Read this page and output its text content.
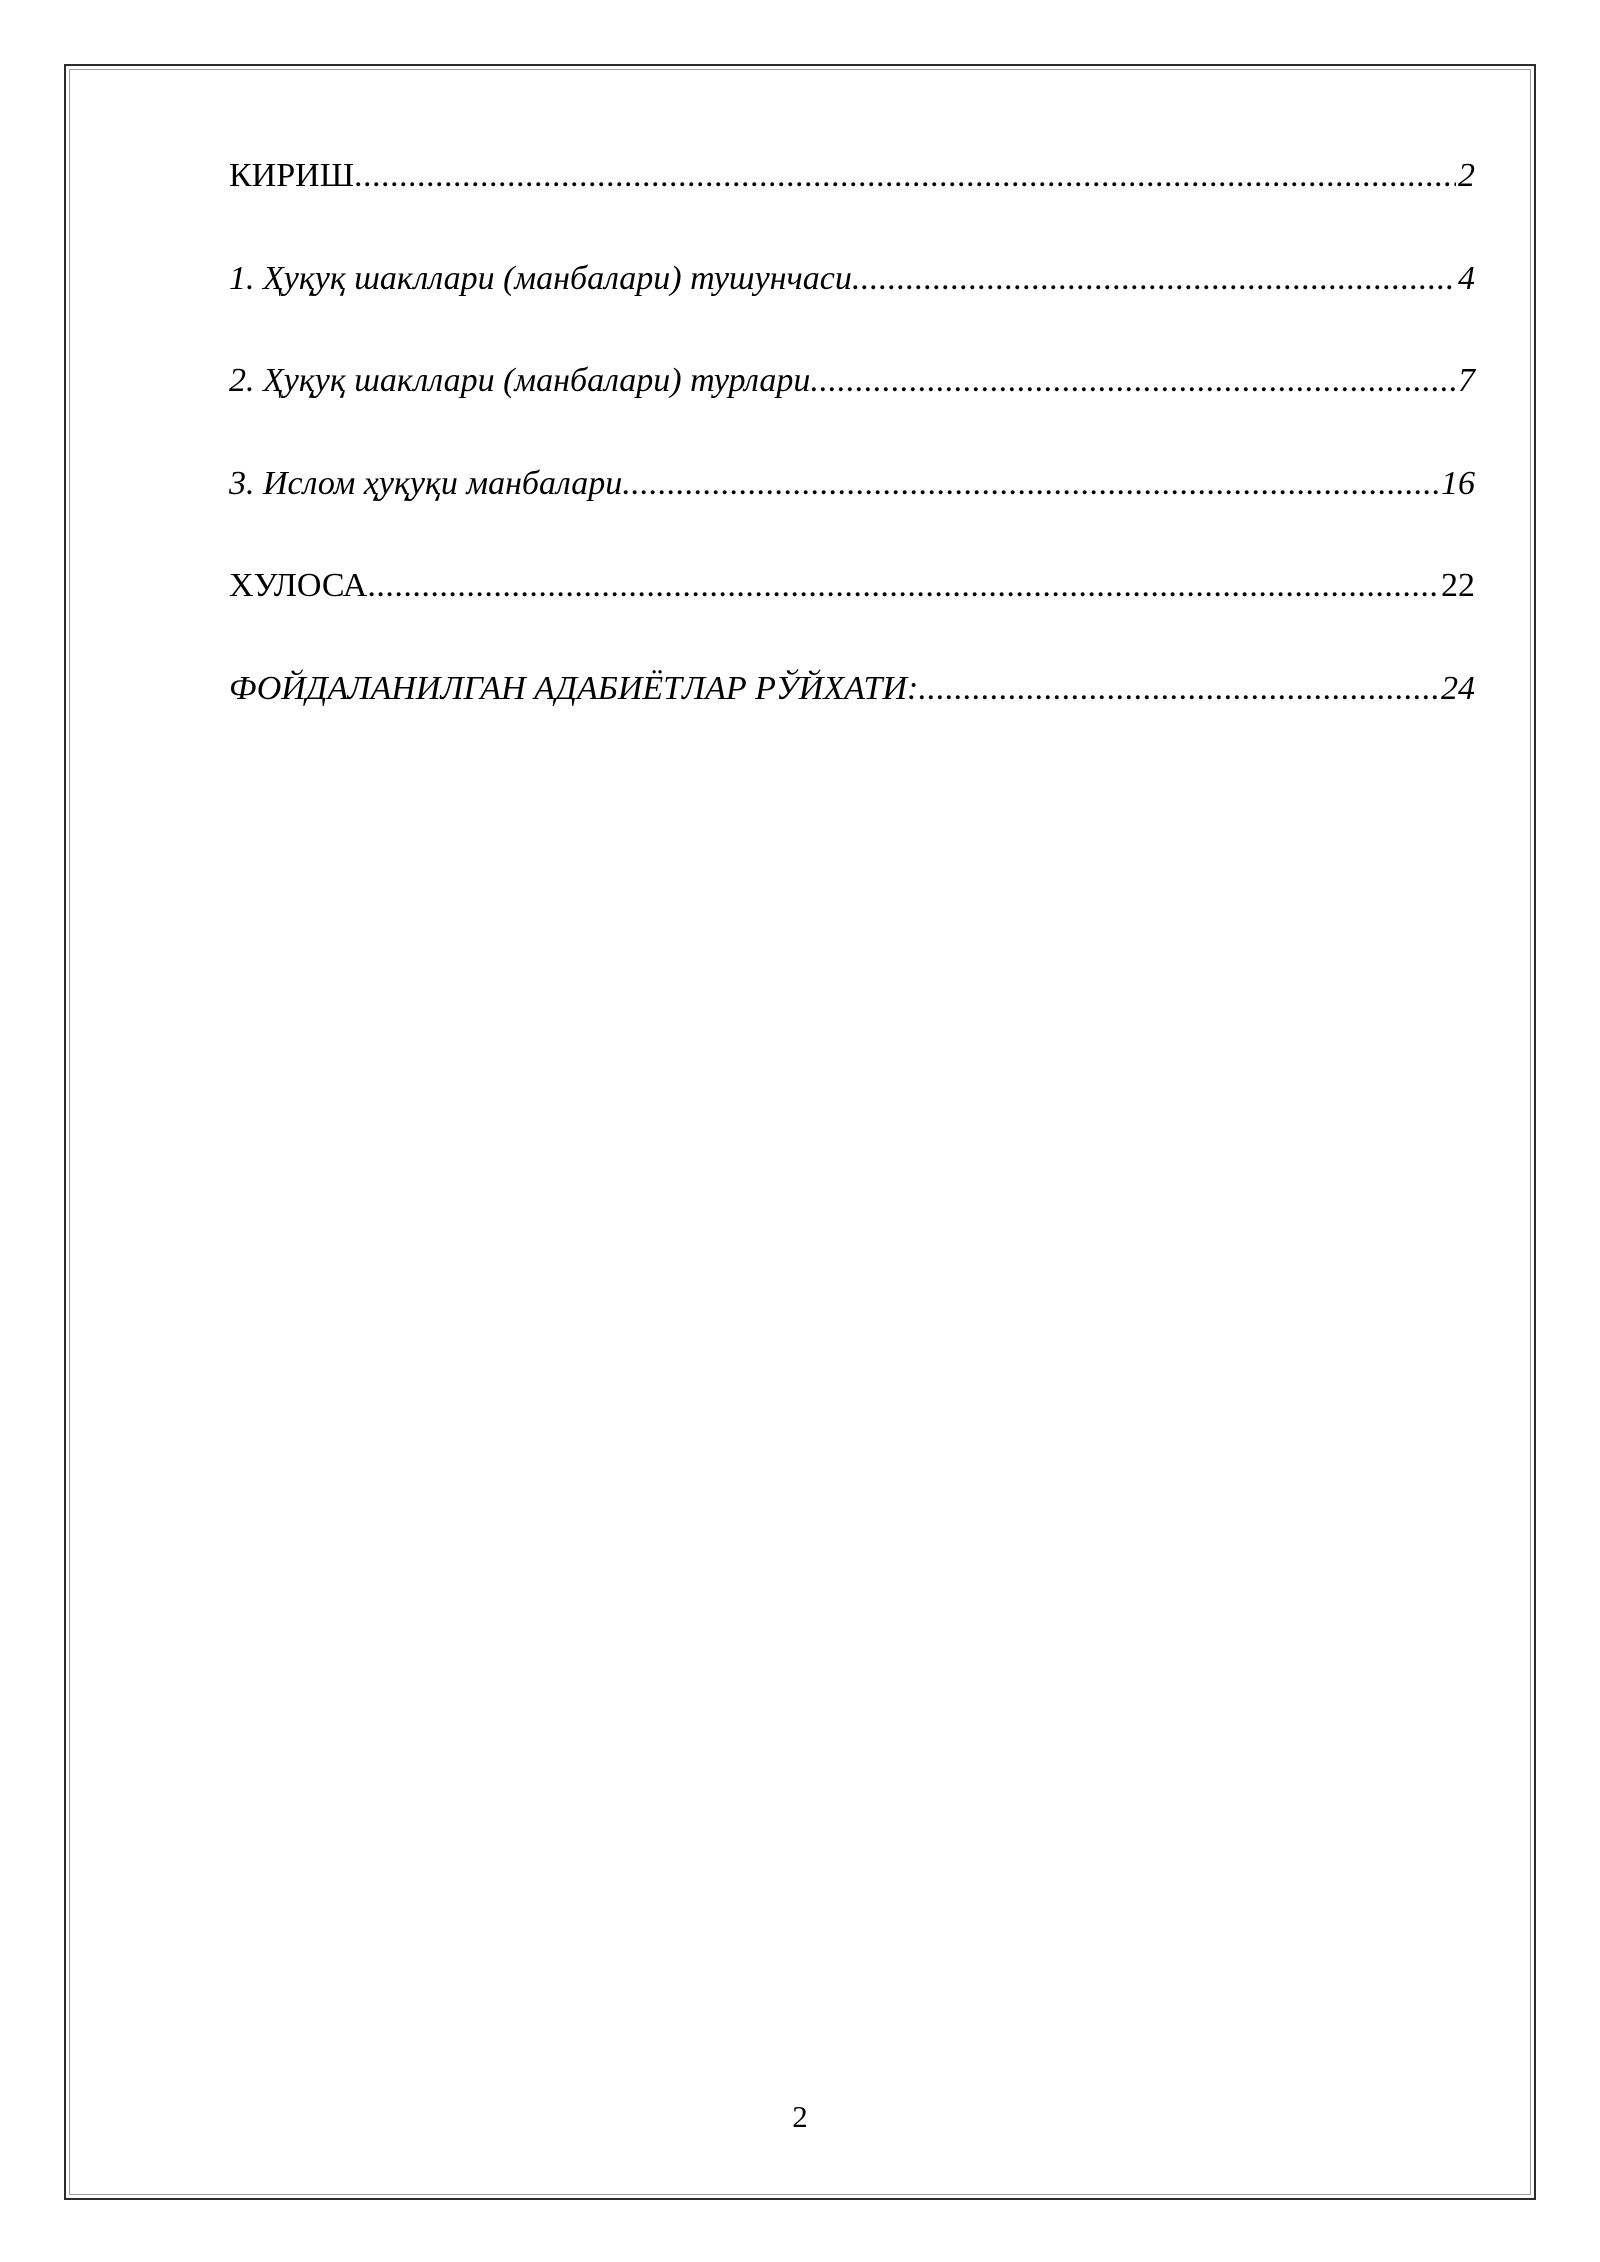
КИРИШ .....	2
1. Ҳуқуқ шакллари (манбалари) тушунчаси .....	4
2. Ҳуқуқ шакллари (манбалари) турлари .....	7
3. Ислом ҳуқуқи манбалари .....	16
ХУЛОСА .....	22
ФОЙДАЛАНИЛГАН АДАБИЁТЛАР РЎЙХАТИ: .....	24
2
